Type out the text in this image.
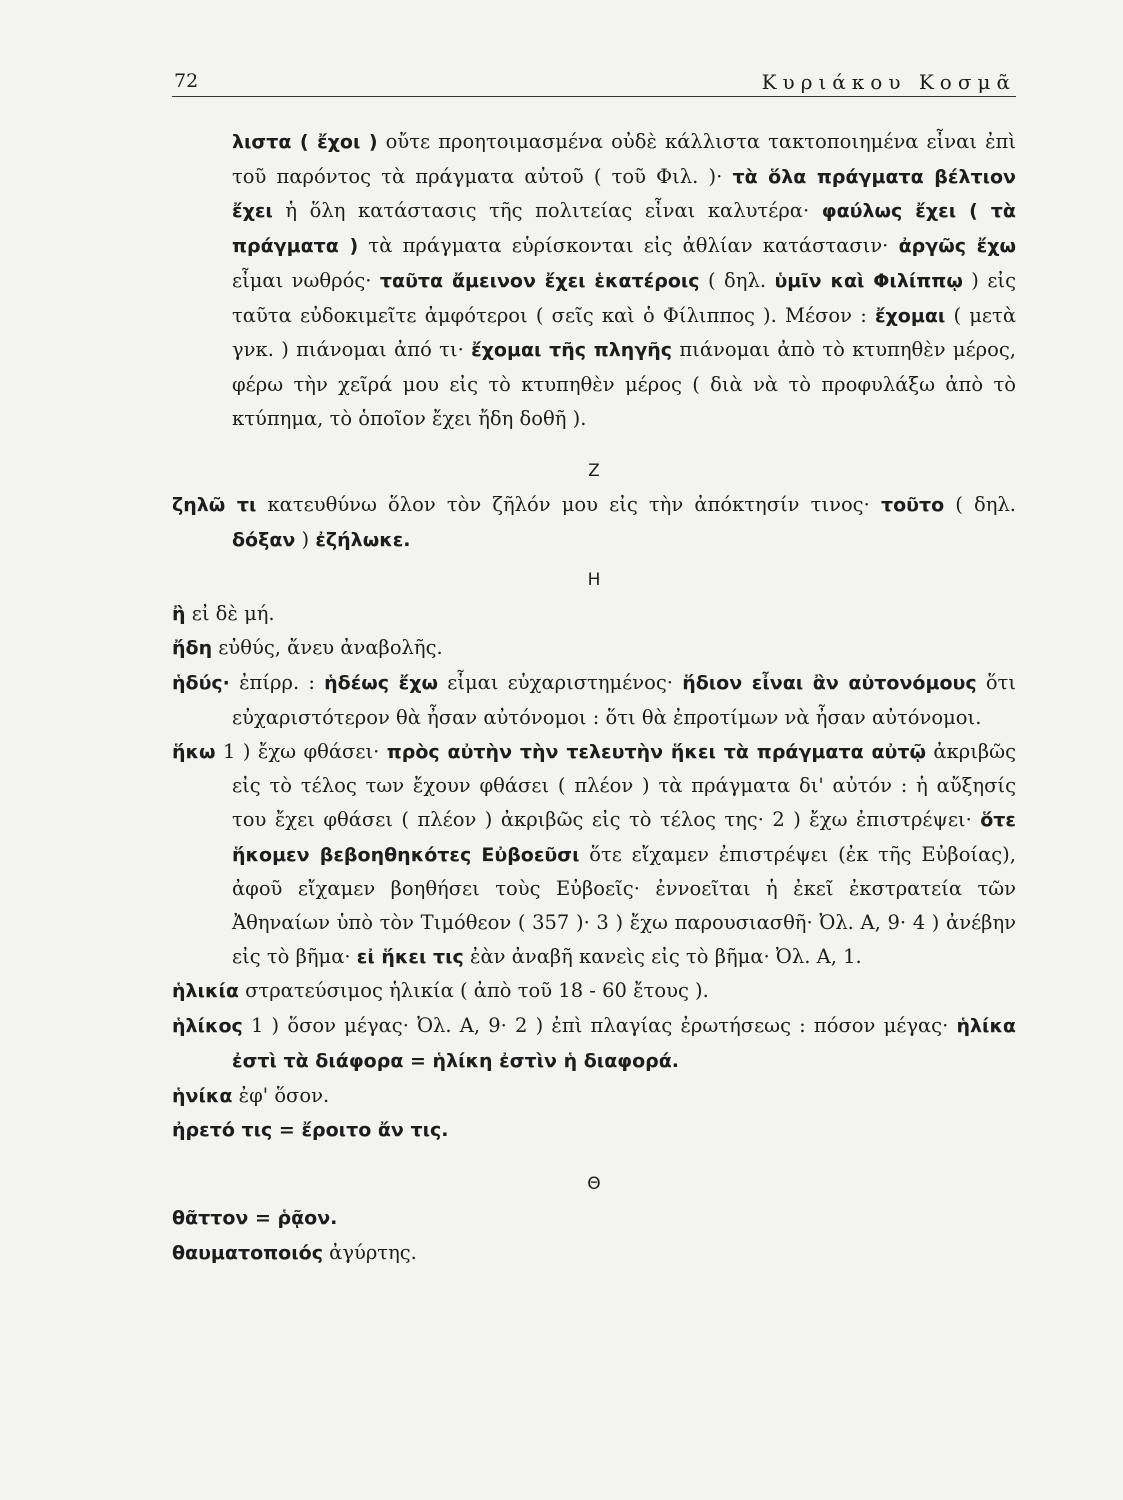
72	Κυριάκου Κοσμᾶ

λιστα ( ἔχοι ) οὔτε προητοιμασμένα οὐδὲ κάλλιστα τακτοποιημένα εἶναι ἐπὶ τοῦ παρόντος τὰ πράγματα αὐτοῦ ( τοῦ Φιλ. )· τὰ ὅλα πράγματα βέλτιον ἔχει ἡ ὅλη κατάστασις τῆς πολιτείας εἶναι καλυτέρα· φαύλως ἔχει ( τὰ πράγματα ) τὰ πράγματα εὑρίσκονται εἰς ἀθλίαν κατάστασιν· ἀργῶς ἔχω εἶμαι νωθρός· ταῦτα ἄμεινον ἔχει ἑκατέροις ( δηλ. ὑμῖν καὶ Φιλίππῳ ) εἰς ταῦτα εὐδοκιμεῖτε ἀμφότεροι ( σεῖς καὶ ὁ Φίλιππος ). Μέσον : ἔχομαι ( μετὰ γνκ. ) πιάνομαι ἀπό τι· ἔχομαι τῆς πληγῆς πιάνομαι ἀπὸ τὸ κτυπηθὲν μέρος, φέρω τὴν χεῖρά μου εἰς τὸ κτυπηθὲν μέρος ( διὰ νὰ τὸ προφυλάξω ἀπὸ τὸ κτύπημα, τὸ ὁποῖον ἔχει ἤδη δοθῆ ).

Ζ

ζηλῶ τι κατευθύνω ὅλον τὸν ζῆλόν μου εἰς τὴν ἀπόκτησίν τινος· τοῦτο ( δηλ. δόξαν ) ἐζήλωκε.

Η

ἢ εἰ δὲ μή.

ἤδη εὐθύς, ἄνευ ἀναβολῆς.

ἡδύς· ἐπίρρ. : ἡδέως ἔχω εἶμαι εὐχαριστημένος· ἥδιον εἶναι ἂν αὐτονόμους ὅτι εὐχαριστότερον θὰ ἦσαν αὐτόνομοι : ὅτι θὰ ἐπροτίμων νὰ ἦσαν αὐτόνομοι.

ἥκω 1 ) ἔχω φθάσει· πρὸς αὐτὴν τὴν τελευτὴν ἥκει τὰ πράγματα αὐτῷ ἀκριβῶς εἰς τὸ τέλος των ἔχουν φθάσει ( πλέον ) τὰ πράγματα δι' αὐτόν : ἡ αὔξησίς του ἔχει φθάσει ( πλέον ) ἀκριβῶς εἰς τὸ τέλος της· 2 ) ἔχω ἐπιστρέψει· ὅτε ἥκομεν βεβοηθηκότες Εὐβοεῦσι ὅτε εἴχαμεν ἐπιστρέψει (ἐκ τῆς Εὐβοίας), ἀφοῦ εἴχαμεν βοηθήσει τοὺς Εὐβοεῖς· ἐννοεῖται ἡ ἐκεῖ ἐκστρατεία τῶν Ἀθηναίων ὑπὸ τὸν Τιμόθεον ( 357 )· 3 ) ἔχω παρουσιασθῆ· Ὀλ. Α, 9· 4 ) ἀνέβην εἰς τὸ βῆμα· εἰ ἥκει τις ἐὰν ἀναβῆ κανεὶς εἰς τὸ βῆμα· Ὀλ. Α, 1.

ἡλικία στρατεύσιμος ἡλικία ( ἀπὸ τοῦ 18 - 60 ἔτους ).

ἡλίκος 1 ) ὅσον μέγας· Ὀλ. Α, 9· 2 ) ἐπὶ πλαγίας ἐρωτήσεως : πόσον μέγας· ἡλίκα ἐστὶ τὰ διάφορα = ἡλίκη ἐστὶν ἡ διαφορά.

ἡνίκα ἐφ' ὅσον.

ἠρετό τις = ἔροιτο ἄν τις.

Θ

θᾶττον = ῥᾷον.

θαυματοποιός ἀγύρτης.
